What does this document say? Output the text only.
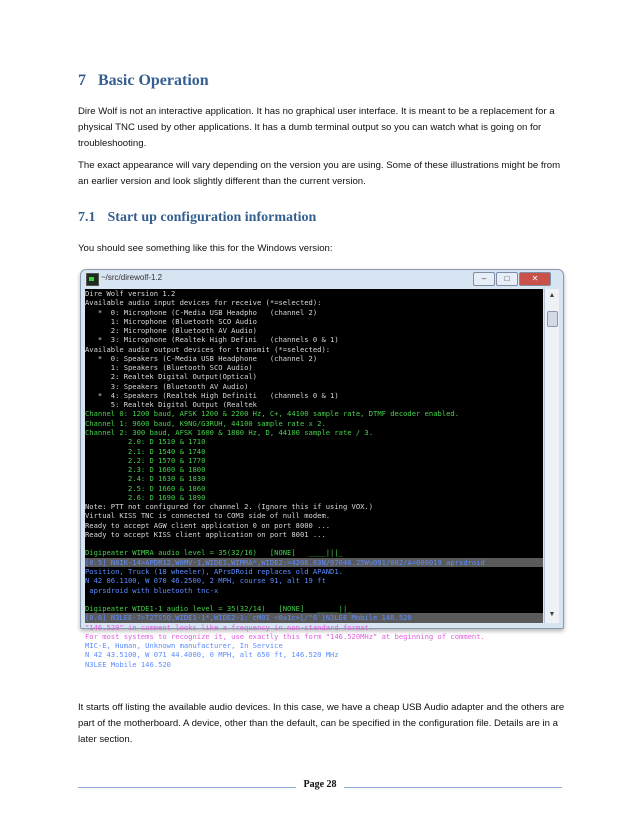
7 Basic Operation

Dire Wolf is not an interactive application. It has no graphical user interface. It is meant to be a replacement for a physical TNC used by other applications. It has a dumb terminal output so you can watch what is going on for troubleshooting.

The exact appearance will vary depending on the version you are using. Some of these illustrations might be from an earlier version and look slightly different than the current version.

7.1 Start up configuration information

You should see something like this for the Windows version:

~/src/direwolf-1.2	–	□	✕
Dire Wolf version 1.2
Available audio input devices for receive (*=selected):
*  0: Microphone (C-Media USB Headpho   (channel 2)
1: Microphone (Bluetooth SCO Audio
2: Microphone (Bluetooth AV Audio)
*  3: Microphone (Realtek High Defini   (channels 0 & 1)
Available audio output devices for transmit (*=selected):
*  0: Speakers (C-Media USB Headphone   (channel 2)
1: Speakers (Bluetooth SCO Audio)
2: Realtek Digital Output(Optical)
3: Speakers (Bluetooth AV Audio)
*  4: Speakers (Realtek High Definiti   (channels 0 & 1)
5: Realtek Digital Output (Realtek
Channel 0: 1200 baud, AFSK 1200 & 2200 Hz, C+, 44100 sample rate, DTMF decoder enabled.
Channel 1: 9600 baud, K9NG/G3RUH, 44100 sample rate x 2.
Channel 2: 300 baud, AFSK 1600 & 1800 Hz, D, 44100 sample rate / 3.
2.0: D 1510 & 1710
2.1: D 1540 & 1740
2.2: D 1570 & 1770
2.3: D 1600 & 1800
2.4: D 1630 & 1830
2.5: D 1660 & 1860
2.6: D 1690 & 1890
Note: PTT not configured for channel 2. (Ignore this if using VOX.)
Virtual KISS TNC is connected to COM3 side of null modem.
Ready to accept AGW client application 0 on port 8000 ...
Ready to accept KISS client application on port 8001 ...
Digipeater WIMRA audio level = 35(32/16)   [NONE]   ____|||_
[0.5] N0IK-14>APDR12,W0MV-1,WIDE1,WIMRA*,WIDE2:=4206.63N/07046.25Wu091/002/A=000019 aprsdroid
Position, Truck (18 wheeler), APrsDRoid replaces old APAND1.
N 42 06.1100, W 070 46.2500, 2 MPH, course 91, alt 19 ft
aprsdroid with bluetooth tnc-x
Digipeater WIDE1-1 audio level = 35(32/14)   [NONE]   _____||_
[0.6] N3LEE-7>T2TS5Q,WIDE1-1*,WIDE2-1:`cM01 <0x1c>[/"6`}N3LEE Mobile 146.520
"146.520" in comment looks like a frequency in non-standard format.
For most systems to recognize it, use exactly this form "146.520MHz" at beginning of comment.
MIC-E, Human, Unknown manufacturer, In Service
N 42 43.5100, W 071 44.4000, 0 MPH, alt 650 ft, 146.520 MHz
N3LEE Mobile 146.520
▲
▼

It starts off listing the available audio devices. In this case, we have a cheap USB Audio adapter and the others are part of the motherboard. A device, other than the default, can be specified in the configuration file. Details are in a later section.

Page 28
